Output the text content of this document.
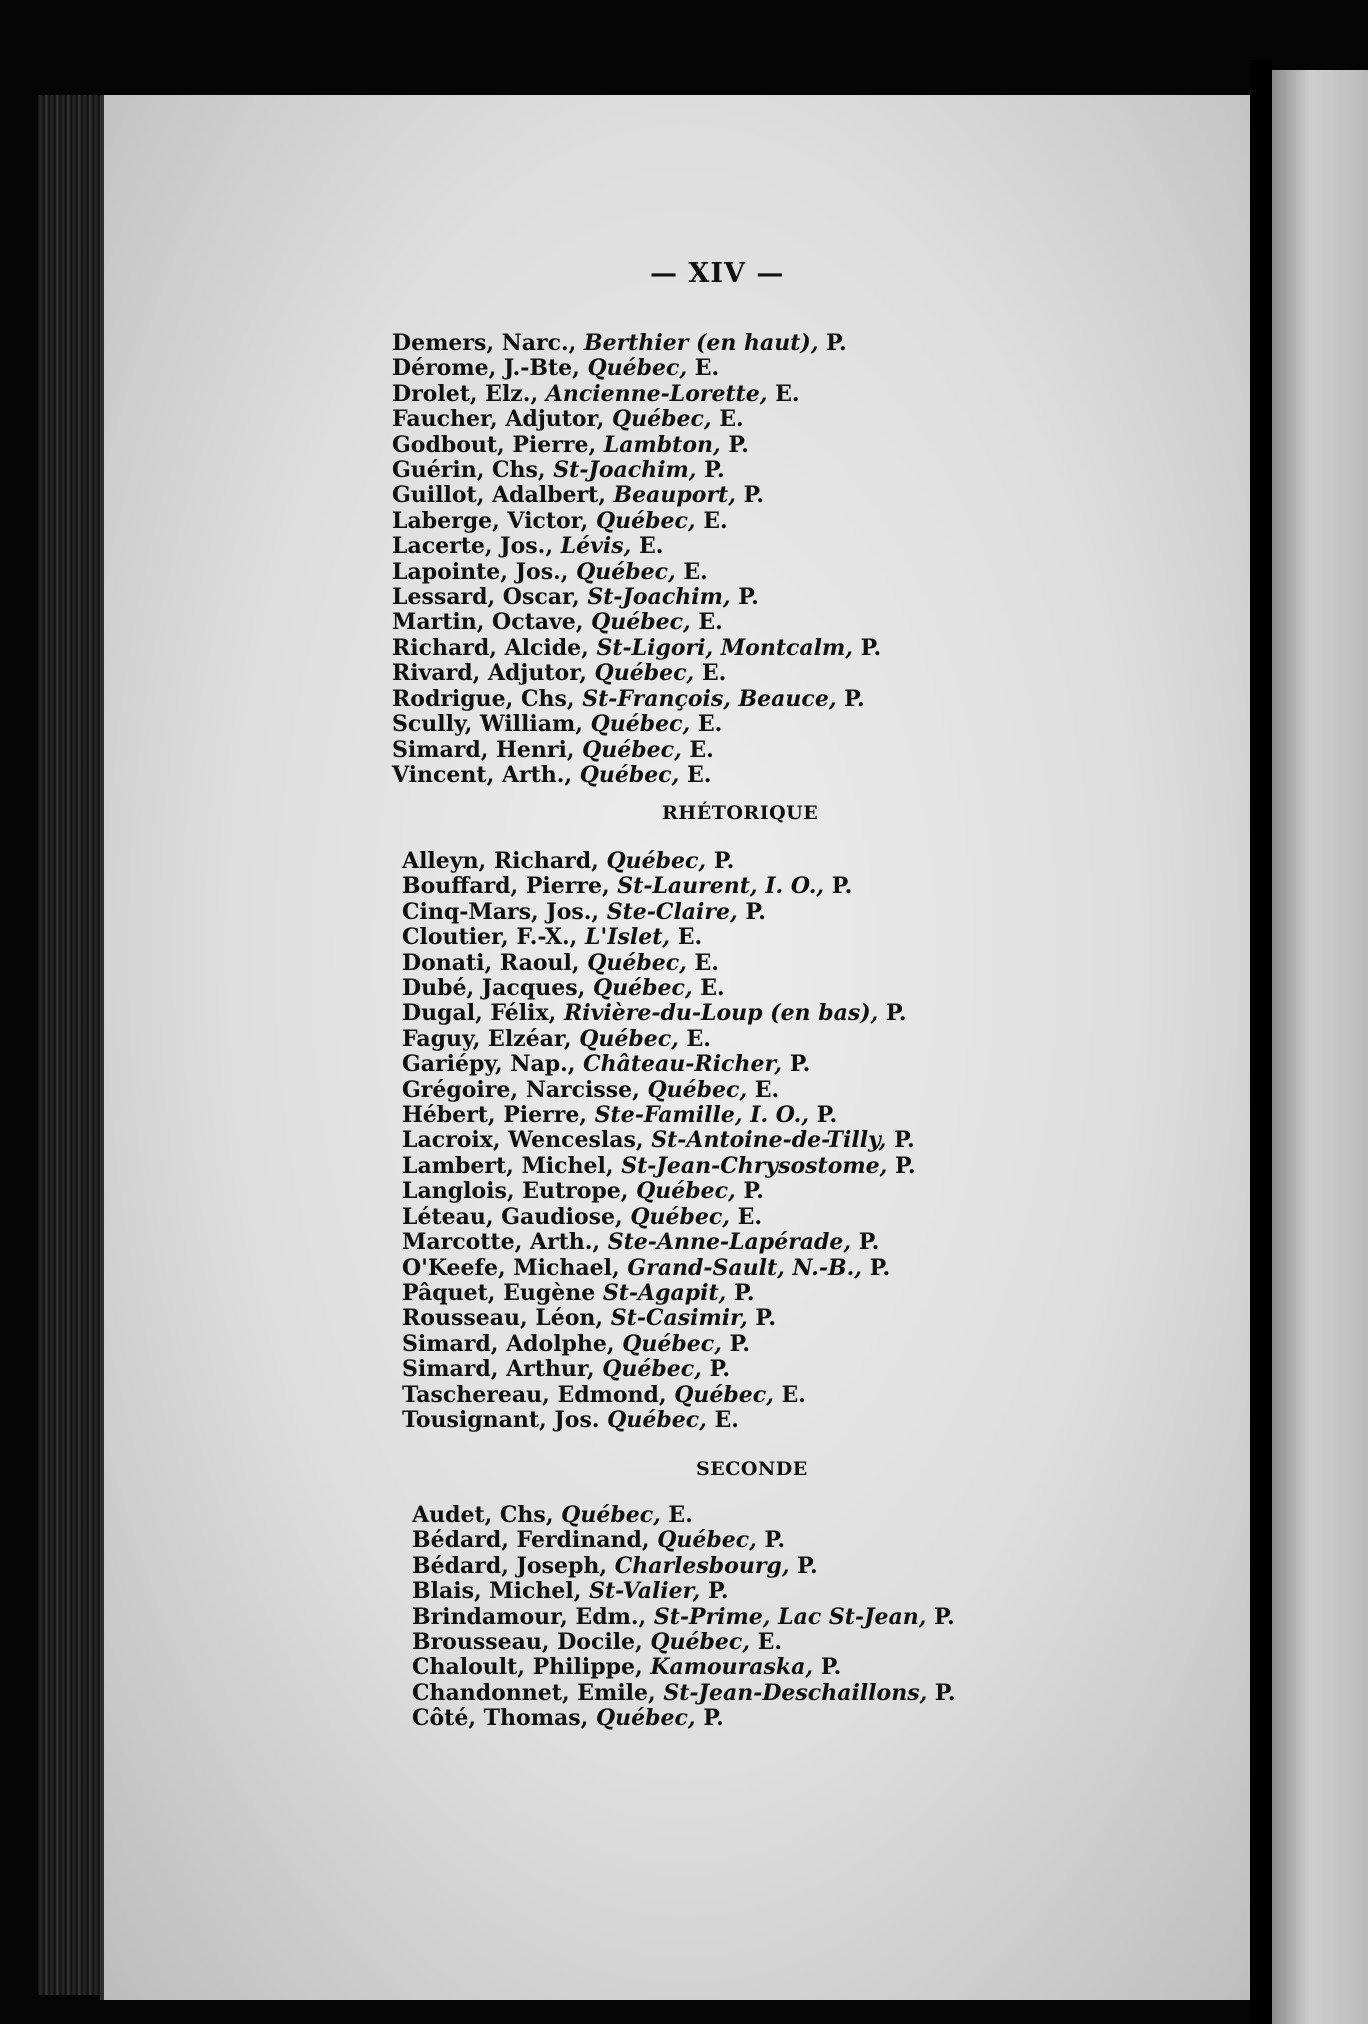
— XIV —
Demers, Narc., Berthier (en haut), P.
Dérome, J.-Bte, Québec, E.
Drolet, Elz., Ancienne-Lorette, E.
Faucher, Adjutor, Québec, E.
Godbout, Pierre, Lambton, P.
Guérin, Chs, St-Joachim, P.
Guillot, Adalbert, Beauport, P.
Laberge, Victor, Québec, E.
Lacerte, Jos., Lévis, E.
Lapointe, Jos., Québec, E.
Lessard, Oscar, St-Joachim, P.
Martin, Octave, Québec, E.
Richard, Alcide, St-Ligori, Montcalm, P.
Rivard, Adjutor, Québec, E.
Rodrigue, Chs, St-François, Beauce, P.
Scully, William, Québec, E.
Simard, Henri, Québec, E.
Vincent, Arth., Québec, E.
RHÉTORIQUE
Alleyn, Richard, Québec, P.
Bouffard, Pierre, St-Laurent, I. O., P.
Cinq-Mars, Jos., Ste-Claire, P.
Cloutier, F.-X., L'Islet, E.
Donati, Raoul, Québec, E.
Dubé, Jacques, Québec, E.
Dugal, Félix, Rivière-du-Loup (en bas), P.
Faguy, Elzéar, Québec, E.
Gariépy, Nap., Château-Richer, P.
Grégoire, Narcisse, Québec, E.
Hébert, Pierre, Ste-Famille, I. O., P.
Lacroix, Wenceslas, St-Antoine-de-Tilly, P.
Lambert, Michel, St-Jean-Chrysostome, P.
Langlois, Eutrope, Québec, P.
Léteau, Gaudiose, Québec, E.
Marcotte, Arth., Ste-Anne-Lapérade, P.
O'Keefe, Michael, Grand-Sault, N.-B., P.
Pâquet, Eugène St-Agapit, P.
Rousseau, Léon, St-Casimir, P.
Simard, Adolphe, Québec, P.
Simard, Arthur, Québec, P.
Taschereau, Edmond, Québec, E.
Tousignant, Jos. Québec, E.
SECONDE
Audet, Chs, Québec, E.
Bédard, Ferdinand, Québec, P.
Bédard, Joseph, Charlesbourg, P.
Blais, Michel, St-Valier, P.
Brindamour, Edm., St-Prime, Lac St-Jean, P.
Brousseau, Docile, Québec, E.
Chaloult, Philippe, Kamouraska, P.
Chandonnet, Emile, St-Jean-Deschaillons, P.
Côté, Thomas, Québec, P.
